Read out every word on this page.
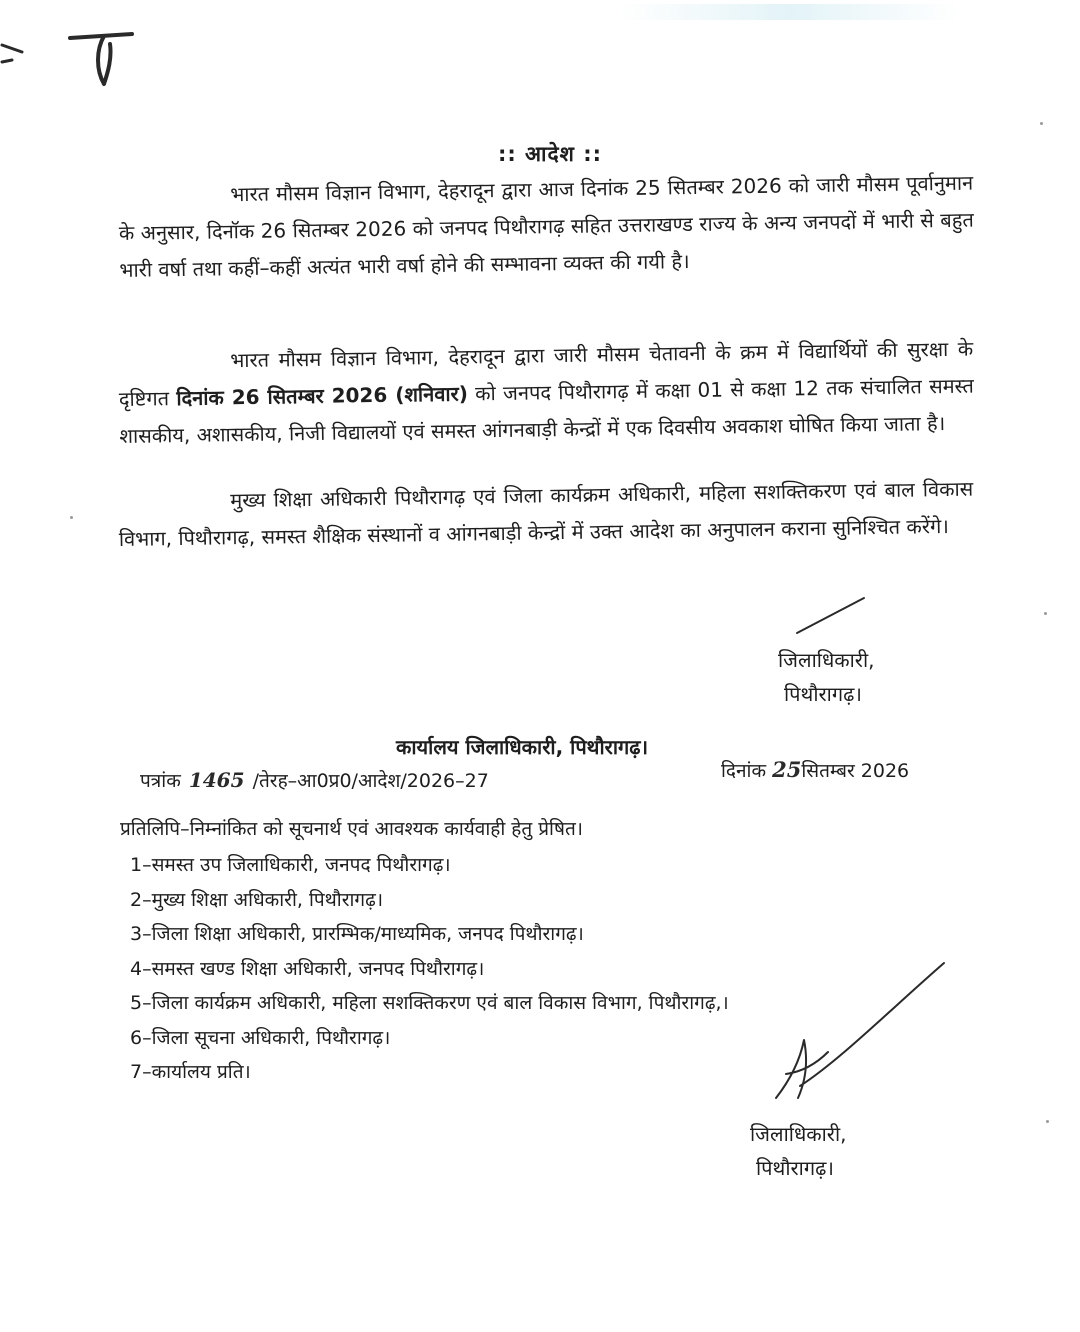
:: आदेश ::
भारत मौसम विज्ञान विभाग, देहरादून द्वारा आज दिनांक 25 सितम्बर 2026 को जारी मौसम पूर्वानुमान के अनुसार, दिनॉक 26 सितम्बर 2026 को जनपद पिथौरागढ़ सहित उत्तराखण्ड राज्य के अन्य जनपदों में भारी से बहुत भारी वर्षा तथा कहीं–कहीं अत्यंत भारी वर्षा होने की सम्भावना व्यक्त की गयी है।
भारत मौसम विज्ञान विभाग, देहरादून द्वारा जारी मौसम चेतावनी के क्रम में विद्यार्थियों की सुरक्षा के दृष्टिगत दिनांक 26 सितम्बर 2026 (शनिवार) को जनपद पिथौरागढ़ में कक्षा 01 से कक्षा 12 तक संचालित समस्त शासकीय, अशासकीय, निजी विद्यालयों एवं समस्त आंगनबाड़ी केन्द्रों में एक दिवसीय अवकाश घोषित किया जाता है।
मुख्य शिक्षा अधिकारी पिथौरागढ़ एवं जिला कार्यक्रम अधिकारी, महिला सशक्तिकरण एवं बाल विकास विभाग, पिथौरागढ़, समस्त शैक्षिक संस्थानों व आंगनबाड़ी केन्द्रों में उक्त आदेश का अनुपालन कराना सुनिश्चित करेंगे।
जिलाधिकारी,
पिथौरागढ़।
कार्यालय जिलाधिकारी, पिथौरागढ़।
पत्रांक 1465 /तेरह–आ0प्र0/आदेश/2026–27	दिनांक 25सितम्बर 2026
प्रतिलिपि–निम्नांकित को सूचनार्थ एवं आवश्यक कार्यवाही हेतु प्रेषित।
1–समस्त उप जिलाधिकारी, जनपद पिथौरागढ़।
2–मुख्य शिक्षा अधिकारी, पिथौरागढ़।
3–जिला शिक्षा अधिकारी, प्रारम्भिक/माध्यमिक, जनपद पिथौरागढ़।
4–समस्त खण्ड शिक्षा अधिकारी, जनपद पिथौरागढ़।
5–जिला कार्यक्रम अधिकारी, महिला सशक्तिकरण एवं बाल विकास विभाग, पिथौरागढ़,।
6–जिला सूचना अधिकारी, पिथौरागढ़।
7–कार्यालय प्रति।
जिलाधिकारी,
पिथौरागढ़।
